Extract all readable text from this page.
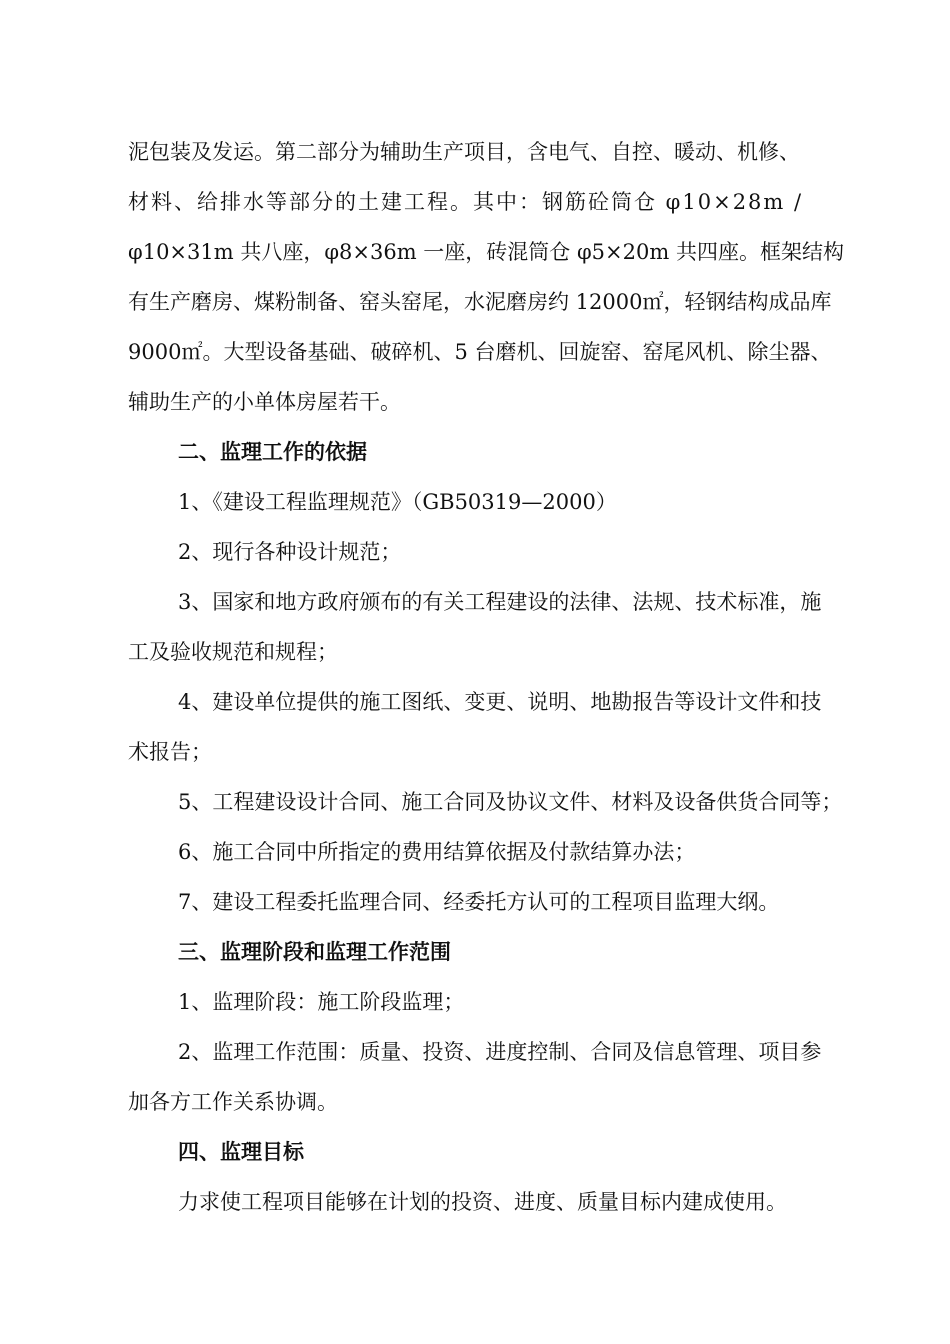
泥包装及发运。第二部分为辅助生产项目，含电气、自控、暖动、机修、
材料、给排水等部分的土建工程。其中：钢筋砼筒仓 φ10×28m /
φ10×31m 共八座，φ8×36m 一座，砖混筒仓 φ5×20m 共四座。框架结构
有生产磨房、煤粉制备、窑头窑尾，水泥磨房约 12000㎡，轻钢结构成品库
9000㎡。大型设备基础、破碎机、5 台磨机、回旋窑、窑尾风机、除尘器、
辅助生产的小单体房屋若干。
二、监理工作的依据
1、《建设工程监理规范》（GB50319—2000）
2、现行各种设计规范；
3、国家和地方政府颁布的有关工程建设的法律、法规、技术标准，施
工及验收规范和规程；
4、建设单位提供的施工图纸、变更、说明、地勘报告等设计文件和技
术报告；
5、工程建设设计合同、施工合同及协议文件、材料及设备供货合同等；
6、施工合同中所指定的费用结算依据及付款结算办法；
7、建设工程委托监理合同、经委托方认可的工程项目监理大纲。
三、监理阶段和监理工作范围
1、监理阶段：施工阶段监理；
2、监理工作范围：质量、投资、进度控制、合同及信息管理、项目参
加各方工作关系协调。
四、监理目标
力求使工程项目能够在计划的投资、进度、质量目标内建成使用。
